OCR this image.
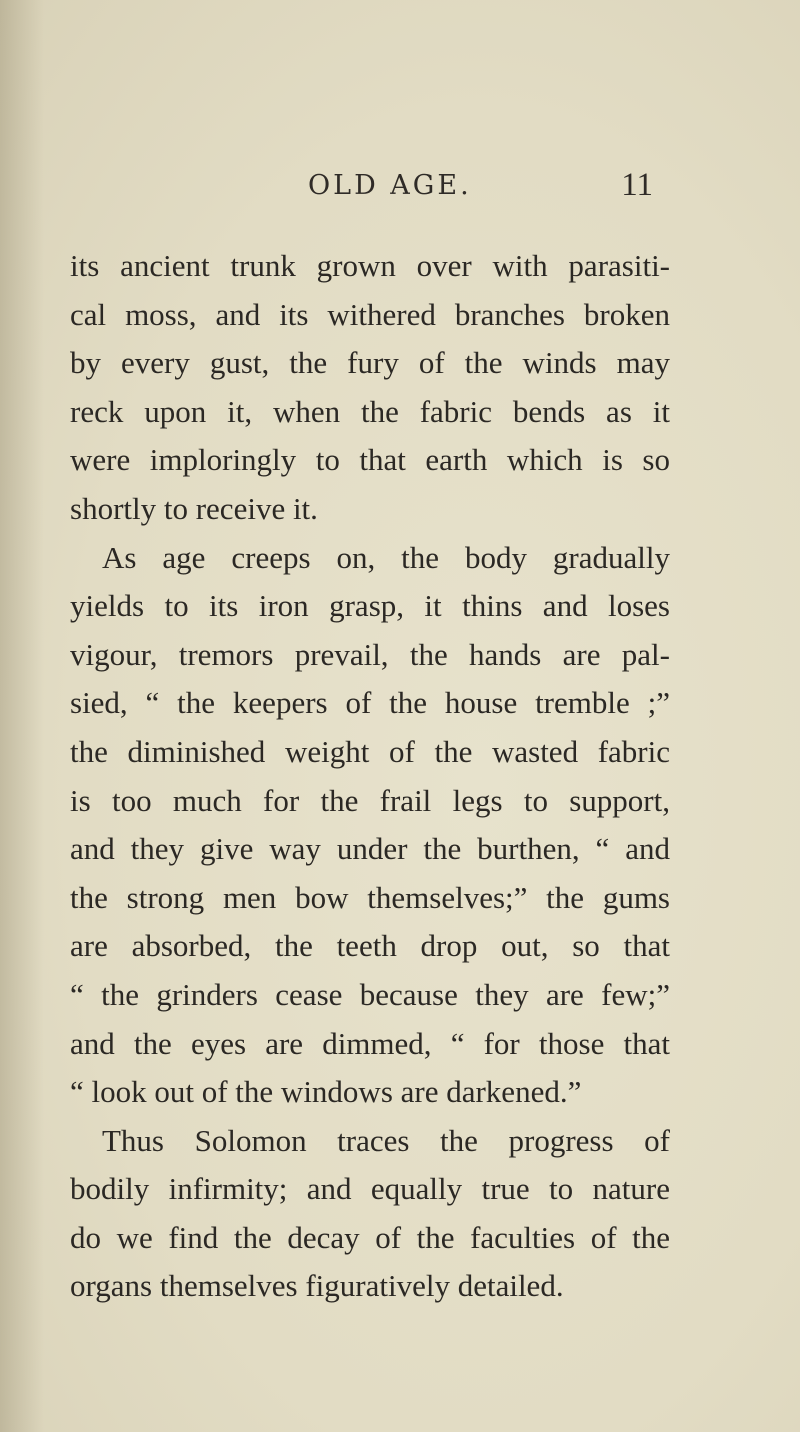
OLD AGE.	11
its ancient trunk grown over with parasiti-
cal moss, and its withered branches broken
by every gust, the fury of the winds may
reck upon it, when the fabric bends as it
were imploringly to that earth which is so
shortly to receive it.
As age creeps on, the body gradually
yields to its iron grasp, it thins and loses
vigour, tremors prevail, the hands are pal-
sied, “ the keepers of the house tremble ;”
the diminished weight of the wasted fabric
is too much for the frail legs to support,
and they give way under the burthen, “ and
the strong men bow themselves;” the gums
are absorbed, the teeth drop out, so that
“ the grinders cease because they are few;”
and the eyes are dimmed, “ for those that
“ look out of the windows are darkened.”
Thus Solomon traces the progress of
bodily infirmity; and equally true to nature
do we find the decay of the faculties of the
organs themselves figuratively detailed.
